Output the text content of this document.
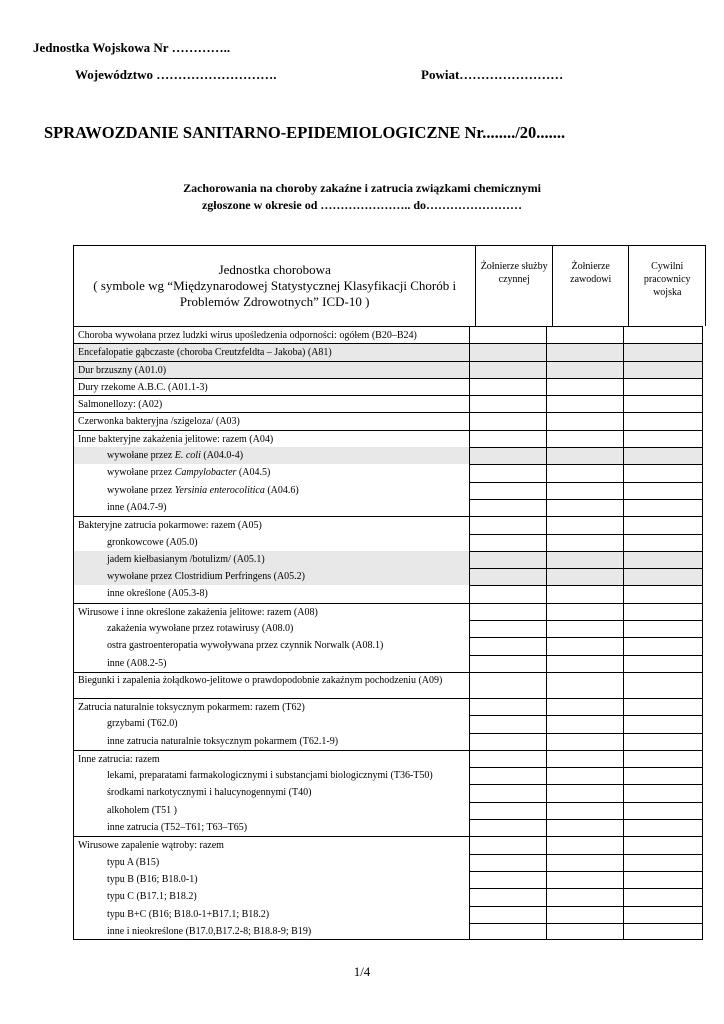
Jednostka Wojskowa Nr …………..
Województwo ……………………….	Powiat……………………
SPRAWOZDANIE SANITARNO-EPIDEMIOLOGICZNE Nr......../20.......
Zachorowania na choroby zakaźne i zatrucia związkami chemicznymi
zgłoszone w okresie od ………………….. do……………………
Jednostka chorobowa
( symbole wg “Międzynarodowej Statystycznej Klasyfikacji Chorób i Problemów Zdrowotnych” ICD-10 )
Żołnierze służby czynnej
Żołnierze zawodowi
Cywilni pracownicy wojska
Choroba wywołana przez ludzki wirus upośledzenia odporności: ogółem (B20–B24)
Encefalopatie gąbczaste (choroba Creutzfeldta – Jakoba) (A81)
Dur brzuszny (A01.0)
Dury rzekome A.B.C. (A01.1-3)
Salmonellozy: (A02)
Czerwonka bakteryjna /szigeloza/ (A03)
Inne bakteryjne zakażenia jelitowe: razem (A04)
wywołane przez E. coli (A04.0-4)
wywołane przez Campylobacter (A04.5)
wywołane przez Yersinia enterocolitica (A04.6)
inne (A04.7-9)
Bakteryjne zatrucia pokarmowe: razem (A05)
gronkowcowe (A05.0)
jadem kiełbasianym /botulizm/ (A05.1)
wywołane przez Clostridium Perfringens (A05.2)
inne określone (A05.3-8)
Wirusowe i inne określone zakażenia jelitowe: razem (A08)
zakażenia wywołane przez rotawirusy (A08.0)
ostra gastroenteropatia wywoływana przez czynnik Norwalk (A08.1)
inne (A08.2-5)
Biegunki i zapalenia żołądkowo-jelitowe o prawdopodobnie zakaźnym pochodzeniu (A09)
Zatrucia naturalnie toksycznym pokarmem: razem (T62)
grzybami (T62.0)
inne zatrucia naturalnie toksycznym pokarmem (T62.1-9)
Inne zatrucia: razem
lekami, preparatami farmakologicznymi i substancjami biologicznymi (T36-T50)
środkami narkotycznymi i halucynogennymi (T40)
alkoholem (T51 )
inne zatrucia (T52–T61; T63–T65)
Wirusowe zapalenie wątroby: razem
typu A (B15)
typu B (B16; B18.0-1)
typu C (B17.1; B18.2)
typu B+C (B16; B18.0-1+B17.1; B18.2)
inne i nieokreślone (B17.0,B17.2-8; B18.8-9; B19)
1/4
